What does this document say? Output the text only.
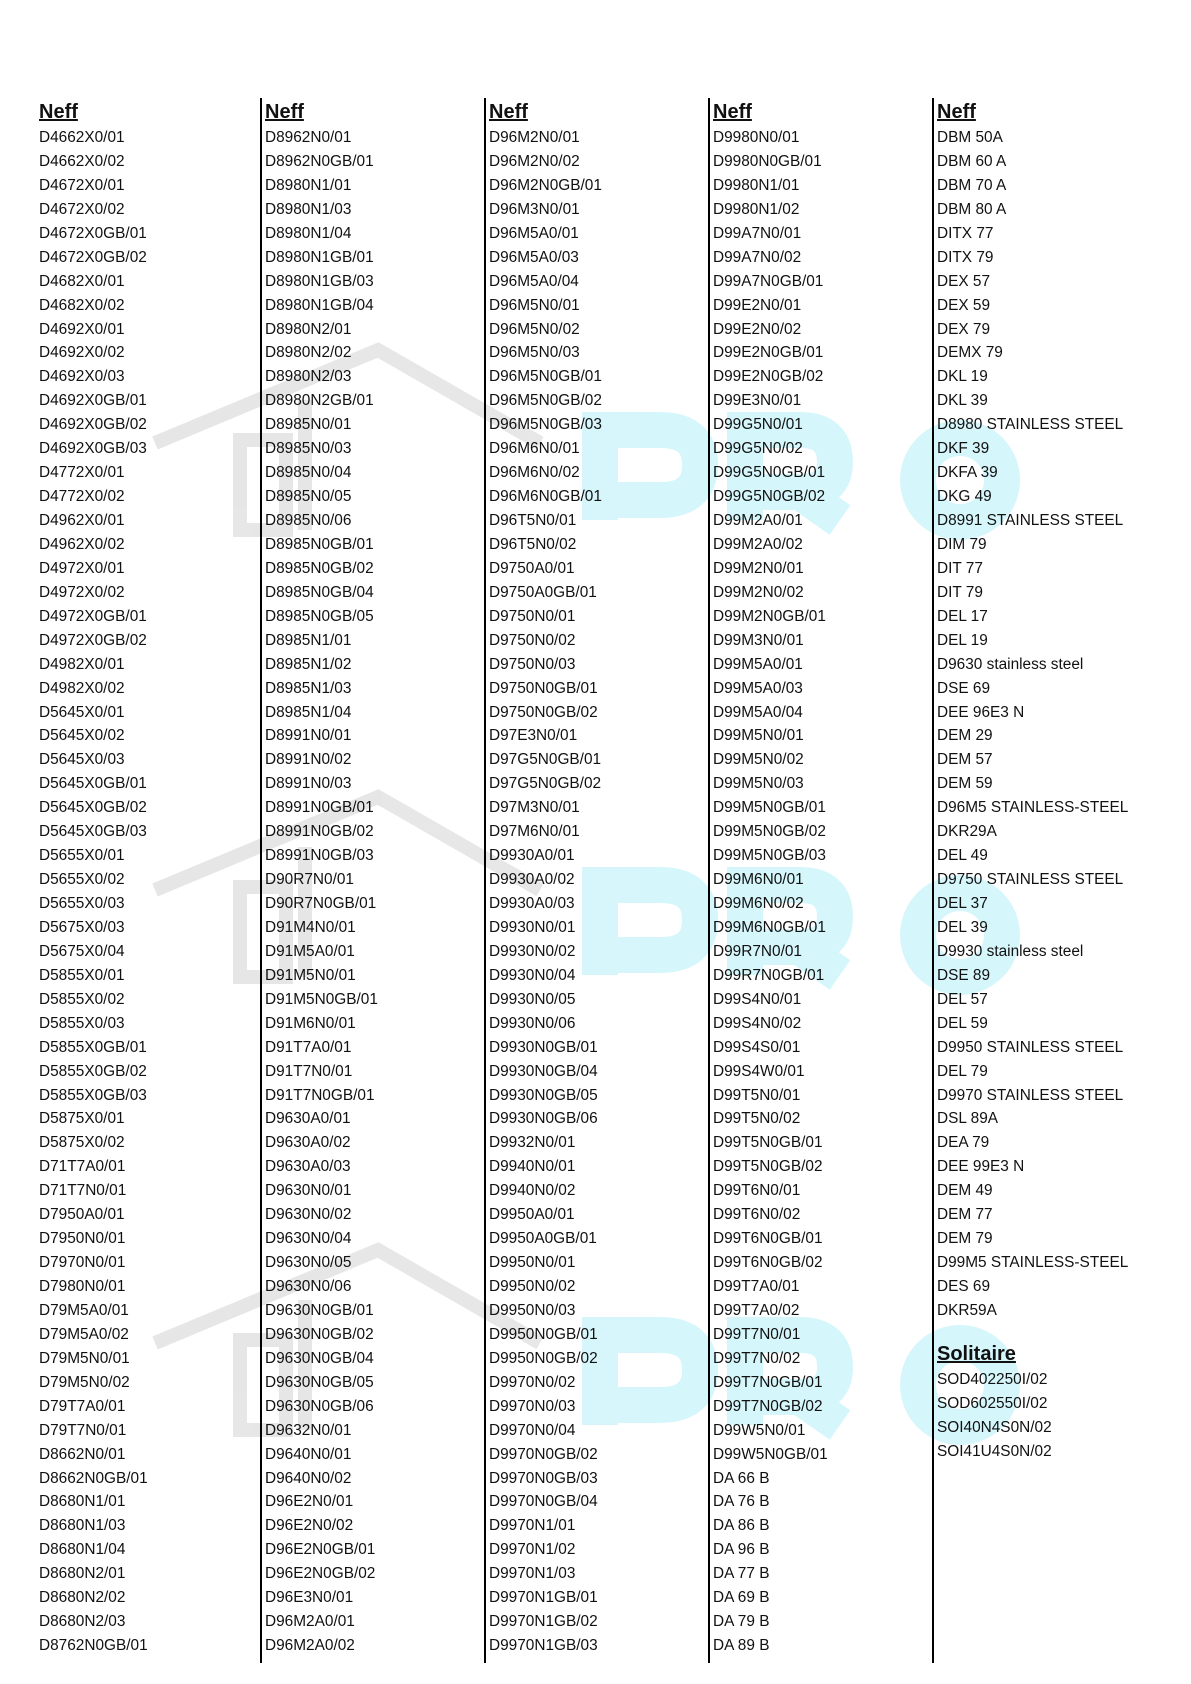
Neff
D4662X0/01
D4662X0/02
D4672X0/01
D4672X0/02
D4672X0GB/01
D4672X0GB/02
D4682X0/01
D4682X0/02
D4692X0/01
D4692X0/02
D4692X0/03
D4692X0GB/01
D4692X0GB/02
D4692X0GB/03
D4772X0/01
D4772X0/02
D4962X0/01
D4962X0/02
D4972X0/01
D4972X0/02
D4972X0GB/01
D4972X0GB/02
D4982X0/01
D4982X0/02
D5645X0/01
D5645X0/02
D5645X0/03
D5645X0GB/01
D5645X0GB/02
D5645X0GB/03
D5655X0/01
D5655X0/02
D5655X0/03
D5675X0/03
D5675X0/04
D5855X0/01
D5855X0/02
D5855X0/03
D5855X0GB/01
D5855X0GB/02
D5855X0GB/03
D5875X0/01
D5875X0/02
D71T7A0/01
D71T7N0/01
D7950A0/01
D7950N0/01
D7970N0/01
D7980N0/01
D79M5A0/01
D79M5A0/02
D79M5N0/01
D79M5N0/02
D79T7A0/01
D79T7N0/01
D8662N0/01
D8662N0GB/01
D8680N1/01
D8680N1/03
D8680N1/04
D8680N2/01
D8680N2/02
D8680N2/03
D8762N0GB/01
Neff
D8962N0/01
D8962N0GB/01
D8980N1/01
D8980N1/03
D8980N1/04
D8980N1GB/01
D8980N1GB/03
D8980N1GB/04
D8980N2/01
D8980N2/02
D8980N2/03
D8980N2GB/01
D8985N0/01
D8985N0/03
D8985N0/04
D8985N0/05
D8985N0/06
D8985N0GB/01
D8985N0GB/02
D8985N0GB/04
D8985N0GB/05
D8985N1/01
D8985N1/02
D8985N1/03
D8985N1/04
D8991N0/01
D8991N0/02
D8991N0/03
D8991N0GB/01
D8991N0GB/02
D8991N0GB/03
D90R7N0/01
D90R7N0GB/01
D91M4N0/01
D91M5A0/01
D91M5N0/01
D91M5N0GB/01
D91M6N0/01
D91T7A0/01
D91T7N0/01
D91T7N0GB/01
D9630A0/01
D9630A0/02
D9630A0/03
D9630N0/01
D9630N0/02
D9630N0/04
D9630N0/05
D9630N0/06
D9630N0GB/01
D9630N0GB/02
D9630N0GB/04
D9630N0GB/05
D9630N0GB/06
D9632N0/01
D9640N0/01
D9640N0/02
D96E2N0/01
D96E2N0/02
D96E2N0GB/01
D96E2N0GB/02
D96E3N0/01
D96M2A0/01
D96M2A0/02
Neff
D96M2N0/01
D96M2N0/02
D96M2N0GB/01
D96M3N0/01
D96M5A0/01
D96M5A0/03
D96M5A0/04
D96M5N0/01
D96M5N0/02
D96M5N0/03
D96M5N0GB/01
D96M5N0GB/02
D96M5N0GB/03
D96M6N0/01
D96M6N0/02
D96M6N0GB/01
D96T5N0/01
D96T5N0/02
D9750A0/01
D9750A0GB/01
D9750N0/01
D9750N0/02
D9750N0/03
D9750N0GB/01
D9750N0GB/02
D97E3N0/01
D97G5N0GB/01
D97G5N0GB/02
D97M3N0/01
D97M6N0/01
D9930A0/01
D9930A0/02
D9930A0/03
D9930N0/01
D9930N0/02
D9930N0/04
D9930N0/05
D9930N0/06
D9930N0GB/01
D9930N0GB/04
D9930N0GB/05
D9930N0GB/06
D9932N0/01
D9940N0/01
D9940N0/02
D9950A0/01
D9950A0GB/01
D9950N0/01
D9950N0/02
D9950N0/03
D9950N0GB/01
D9950N0GB/02
D9970N0/02
D9970N0/03
D9970N0/04
D9970N0GB/02
D9970N0GB/03
D9970N0GB/04
D9970N1/01
D9970N1/02
D9970N1/03
D9970N1GB/01
D9970N1GB/02
D9970N1GB/03
Neff
D9980N0/01
D9980N0GB/01
D9980N1/01
D9980N1/02
D99A7N0/01
D99A7N0/02
D99A7N0GB/01
D99E2N0/01
D99E2N0/02
D99E2N0GB/01
D99E2N0GB/02
D99E3N0/01
D99G5N0/01
D99G5N0/02
D99G5N0GB/01
D99G5N0GB/02
D99M2A0/01
D99M2A0/02
D99M2N0/01
D99M2N0/02
D99M2N0GB/01
D99M3N0/01
D99M5A0/01
D99M5A0/03
D99M5A0/04
D99M5N0/01
D99M5N0/02
D99M5N0/03
D99M5N0GB/01
D99M5N0GB/02
D99M5N0GB/03
D99M6N0/01
D99M6N0/02
D99M6N0GB/01
D99R7N0/01
D99R7N0GB/01
D99S4N0/01
D99S4N0/02
D99S4S0/01
D99S4W0/01
D99T5N0/01
D99T5N0/02
D99T5N0GB/01
D99T5N0GB/02
D99T6N0/01
D99T6N0/02
D99T6N0GB/01
D99T6N0GB/02
D99T7A0/01
D99T7A0/02
D99T7N0/01
D99T7N0/02
D99T7N0GB/01
D99T7N0GB/02
D99W5N0/01
D99W5N0GB/01
DA 66 B
DA 76 B
DA 86 B
DA 96 B
DA 77 B
DA 69 B
DA 79 B
DA 89 B
Neff
DBM 50A
DBM 60 A
DBM 70 A
DBM 80 A
DITX 77
DITX 79
DEX 57
DEX 59
DEX 79
DEMX 79
DKL 19
DKL 39
D8980 STAINLESS STEEL
DKF 39
DKFA 39
DKG 49
D8991 STAINLESS STEEL
DIM 79
DIT 77
DIT 79
DEL 17
DEL 19
D9630 stainless steel
DSE 69
DEE 96E3 N
DEM 29
DEM 57
DEM 59
D96M5 STAINLESS-STEEL
DKR29A
DEL 49
D9750 STAINLESS STEEL
DEL 37
DEL 39
D9930 stainless steel
DSE 89
DEL 57
DEL 59
D9950 STAINLESS STEEL
DEL 79
D9970 STAINLESS STEEL
DSL 89A
DEA 79
DEE 99E3 N
DEM 49
DEM 77
DEM 79
D99M5 STAINLESS-STEEL
DES 69
DKR59A
Solitaire
SOD402250I/02
SOD602550I/02
SOI40N4S0N/02
SOI41U4S0N/02
